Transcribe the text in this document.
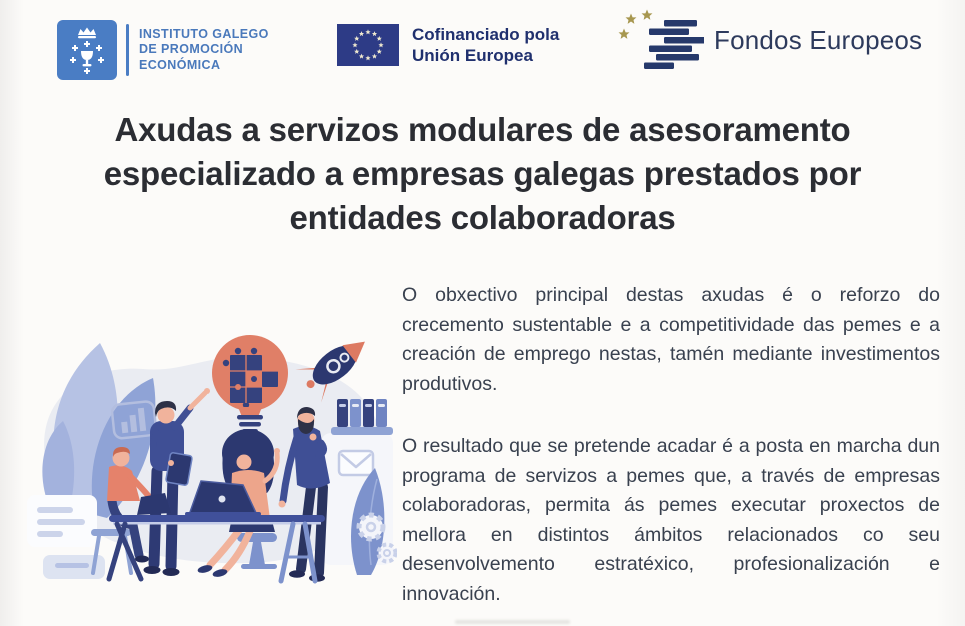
INSTITUTO GALEGO
DE PROMOCIÓN
ECONÓMICA
Cofinanciado pola
Unión Europea
Fondos Europeos
Axudas a servizos modulares de asesoramento
especializado a empresas galegas prestados por
entidades colaboradoras

O obxectivo principal destas axudas é o reforzo do crecemento sustentable e a competitividade das pemes e a creación de emprego nestas, tamén mediante investimentos produtivos.

O resultado que se pretende acadar é a posta en marcha dun programa de servizos a pemes que, a través de empresas colaboradoras, permita ás pemes executar proxectos de mellora en distintos ámbitos relacionados co seu desenvolvemento estratéxico, profesionalización e innovación.
